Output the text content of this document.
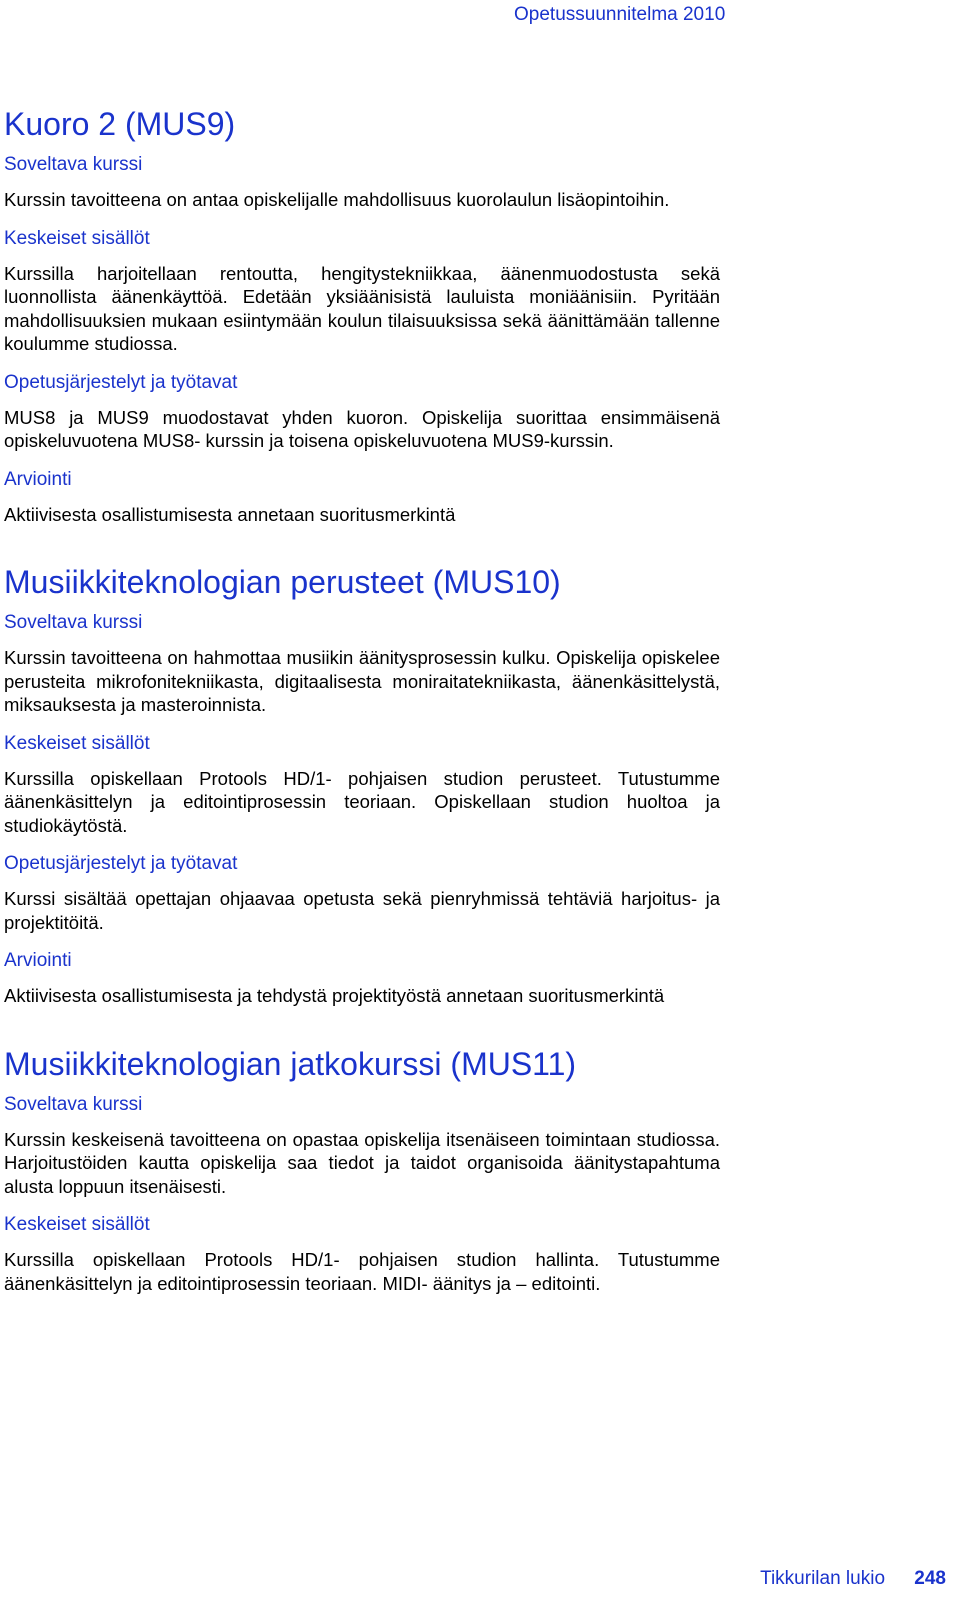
Opetussuunnitelma 2010
Kuoro 2 (MUS9)
Soveltava kurssi

Kurssin tavoitteena on antaa opiskelijalle mahdollisuus kuorolaulun lisäopintoihin.

Keskeiset sisällöt

Kurssilla harjoitellaan rentoutta, hengitystekniikkaa, äänenmuodostusta sekä luonnollista äänenkäyttöä. Edetään yksiäänisistä lauluista moniäänisiin. Pyritään mahdollisuuksien mukaan esiintymään koulun tilaisuuksissa sekä äänittämään tallenne koulumme studiossa.

Opetusjärjestelyt ja työtavat

MUS8 ja MUS9 muodostavat yhden kuoron. Opiskelija suorittaa ensimmäisenä opiskeluvuotena MUS8- kurssin ja toisena opiskeluvuotena MUS9-kurssin.

Arviointi

Aktiivisesta osallistumisesta annetaan suoritusmerkintä

Musiikkiteknologian perusteet (MUS10)
Soveltava kurssi

Kurssin tavoitteena on hahmottaa musiikin äänitysprosessin kulku. Opiskelija opiskelee perusteita mikrofonitekniikasta, digitaalisesta moniraitatekniikasta, äänenkäsittelystä, miksauksesta ja masteroinnista.

Keskeiset sisällöt

Kurssilla opiskellaan Protools HD/1- pohjaisen studion perusteet. Tutustumme äänenkäsittelyn ja editointiprosessin teoriaan. Opiskellaan studion huoltoa ja studiokäytöstä.

Opetusjärjestelyt ja työtavat

Kurssi sisältää opettajan ohjaavaa opetusta sekä pienryhmissä tehtäviä harjoitus- ja projektitöitä.

Arviointi

Aktiivisesta osallistumisesta ja tehdystä projektityöstä annetaan suoritusmerkintä

Musiikkiteknologian jatkokurssi (MUS11)
Soveltava kurssi

Kurssin keskeisenä tavoitteena on opastaa opiskelija itsenäiseen toimintaan studiossa. Harjoitustöiden kautta opiskelija saa tiedot ja taidot organisoida äänitystapahtuma alusta loppuun itsenäisesti.

Keskeiset sisällöt

Kurssilla opiskellaan Protools HD/1- pohjaisen studion hallinta. Tutustumme äänenkäsittelyn ja editointiprosessin teoriaan. MIDI- äänitys ja – editointi.

Tikkurilan lukio 248
